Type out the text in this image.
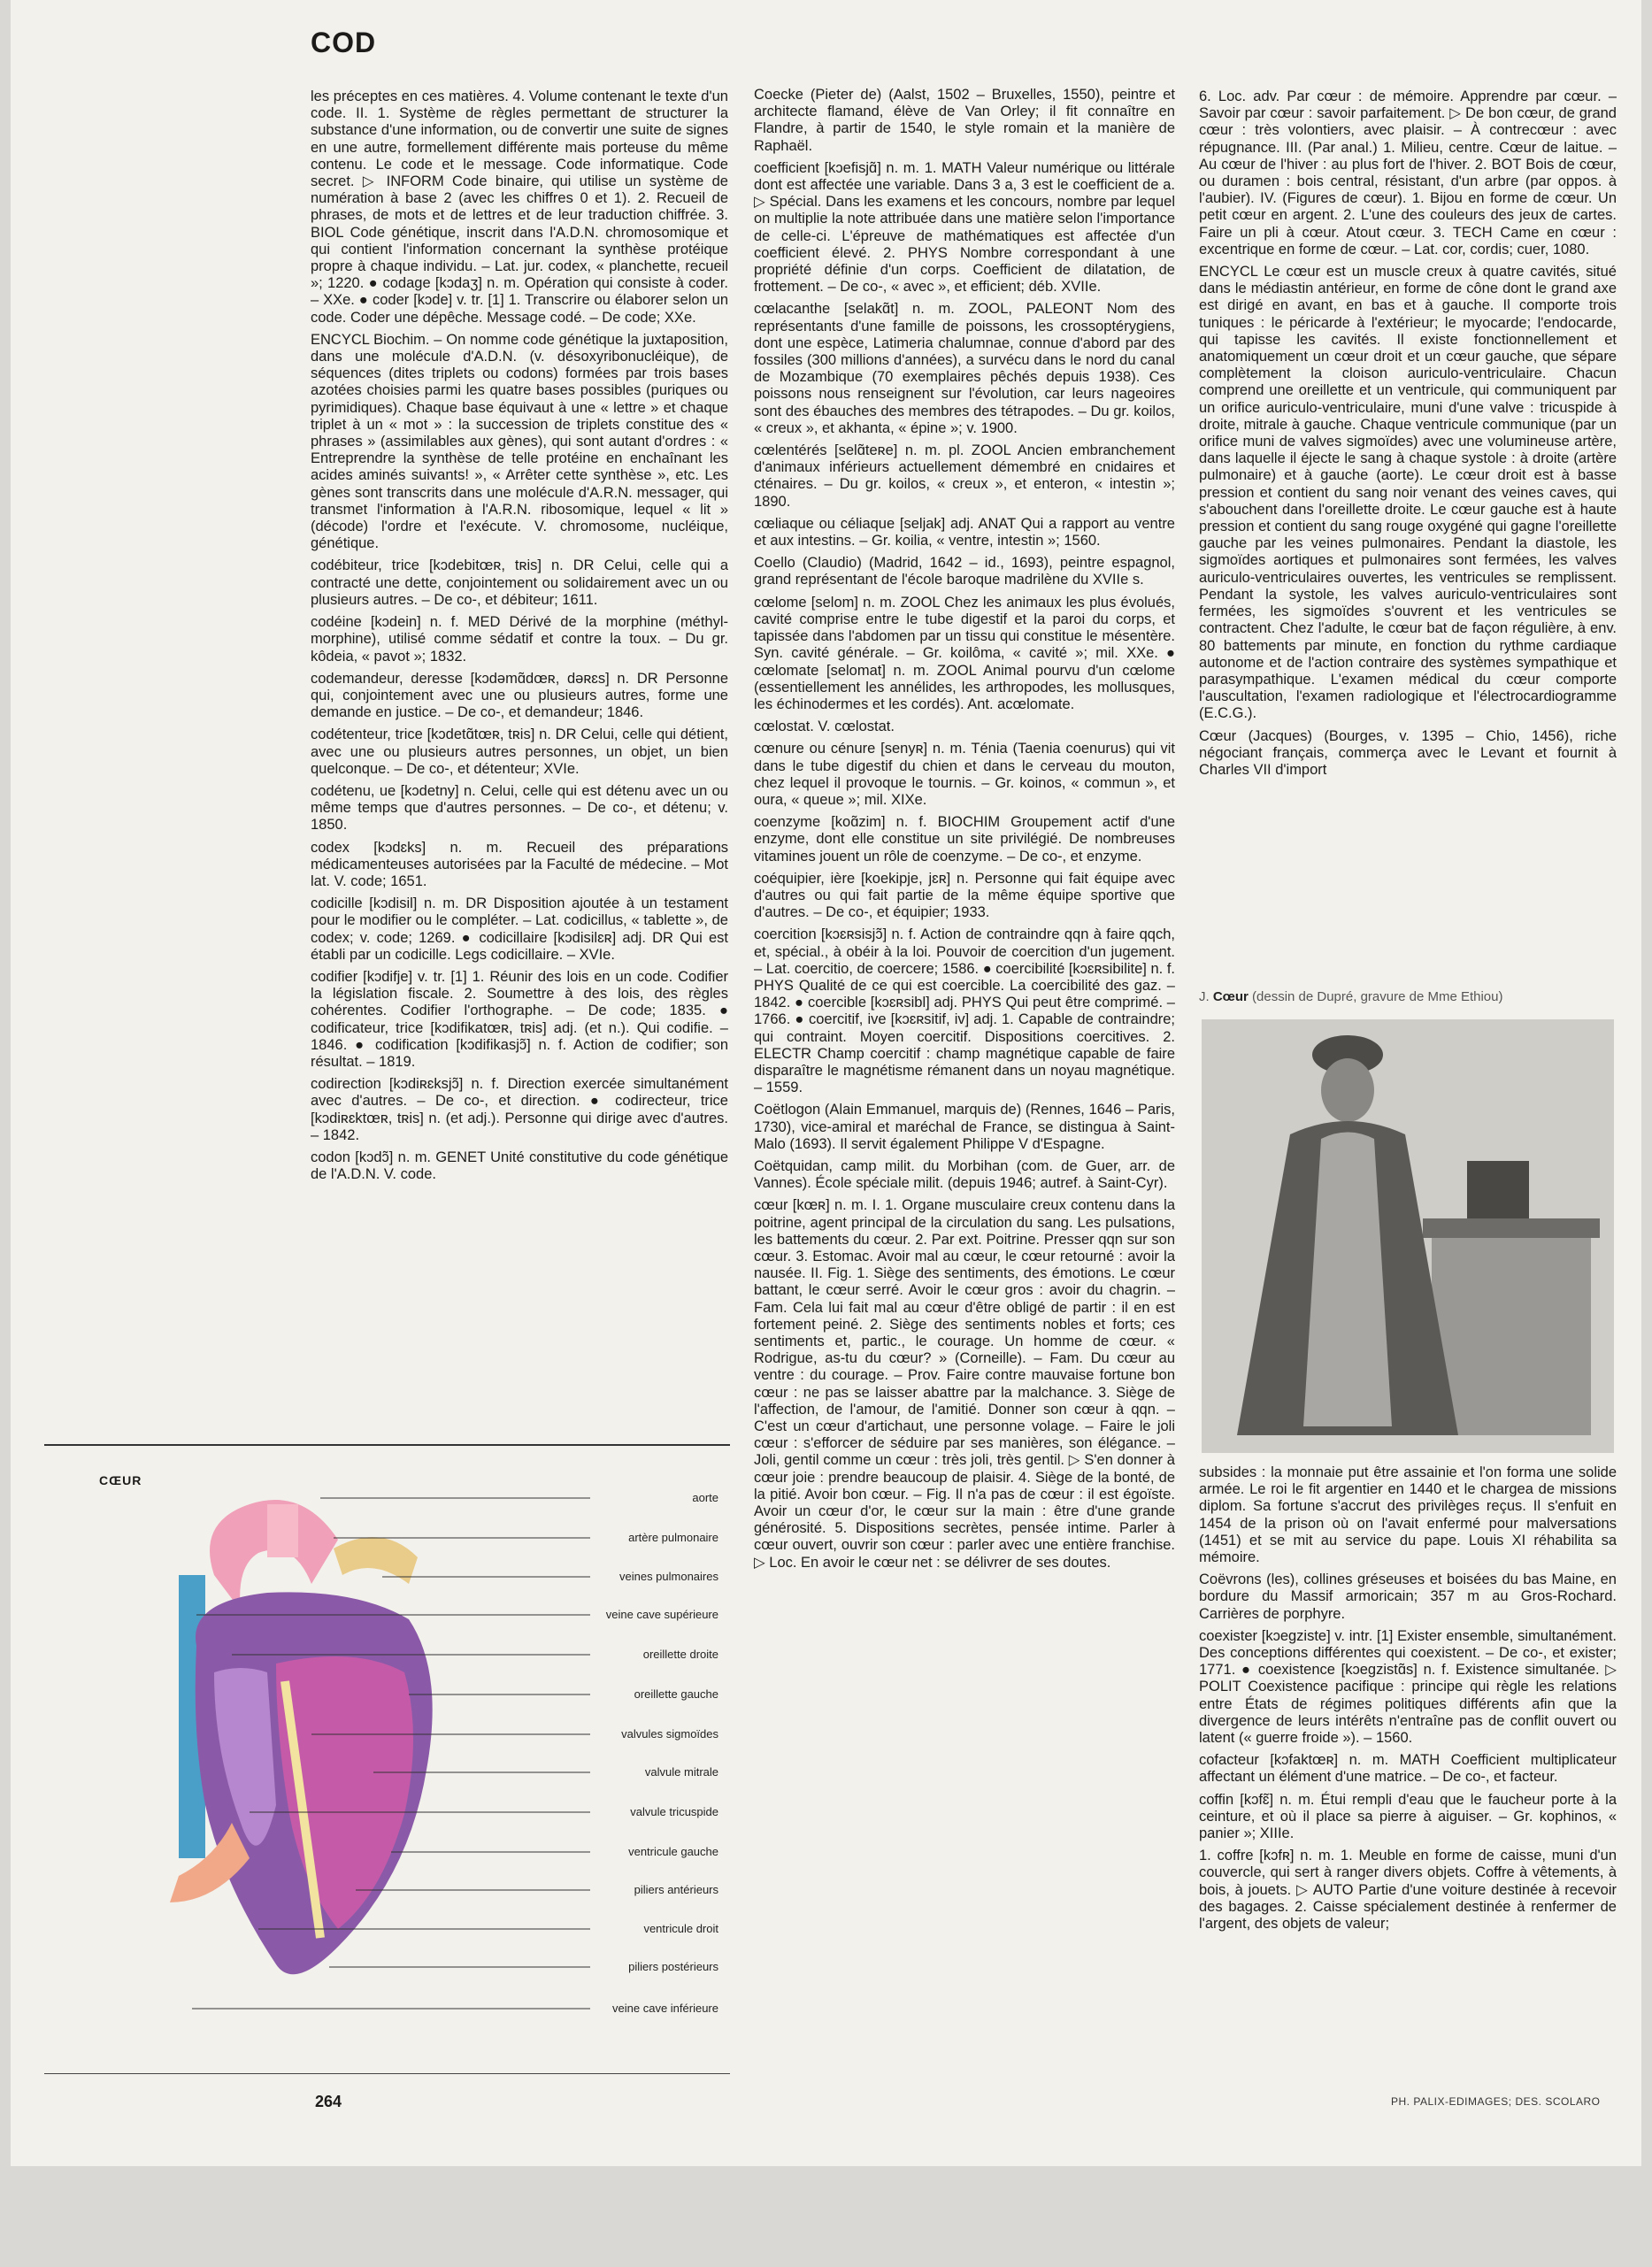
COD

les préceptes en ces matières. 4. Volume contenant le texte d'un code. II. 1. Système de règles permettant de structurer la substance d'une information, ou de convertir une suite de signes en une autre, formellement différente mais porteuse du même contenu. Le code et le message. Code informatique. Code secret. ▷ INFORM Code binaire, qui utilise un système de numération à base 2 (avec les chiffres 0 et 1). 2. Recueil de phrases, de mots et de lettres et de leur traduction chiffrée. 3. BIOL Code génétique, inscrit dans l'A.D.N. chromosomique et qui contient l'information concernant la synthèse protéique propre à chaque individu. – Lat. jur. codex, « planchette, recueil »; 1220. ● codage [kɔdaʒ] n. m. Opération qui consiste à coder. – XXe. ● coder [kɔde] v. tr. [1] 1. Transcrire ou élaborer selon un code. Coder une dépêche. Message codé. – De code; XXe.

ENCYCL Biochim. – On nomme code génétique la juxtaposition, dans une molécule d'A.D.N. (v. désoxyribonucléique), de séquences (dites triplets ou codons) formées par trois bases azotées choisies parmi les quatre bases possibles (puriques ou pyrimidiques). Chaque base équivaut à une « lettre » et chaque triplet à un « mot » : la succession de triplets constitue des « phrases » (assimilables aux gènes), qui sont autant d'ordres : « Entreprendre la synthèse de telle protéine en enchaînant les acides aminés suivants! », « Arrêter cette synthèse », etc. Les gènes sont transcrits dans une molécule d'A.R.N. messager, qui transmet l'information à l'A.R.N. ribosomique, lequel « lit » (décode) l'ordre et l'exécute. V. chromosome, nucléique, génétique.

codébiteur, trice [kɔdebitœʀ, tʀis] n. DR Celui, celle qui a contracté une dette, conjointement ou solidairement avec un ou plusieurs autres. – De co-, et débiteur; 1611.

codéine [kɔdein] n. f. MED Dérivé de la morphine (méthyl-morphine), utilisé comme sédatif et contre la toux. – Du gr. kôdeia, « pavot »; 1832.

codemandeur, deresse [kɔdəmɑ̃dœʀ, dəʀɛs] n. DR Personne qui, conjointement avec une ou plusieurs autres, forme une demande en justice. – De co-, et demandeur; 1846.

codétenteur, trice [kɔdetɑ̃tœʀ, tʀis] n. DR Celui, celle qui détient, avec une ou plusieurs autres personnes, un objet, un bien quelconque. – De co-, et détenteur; XVIe.

codétenu, ue [kɔdetny] n. Celui, celle qui est détenu avec un ou même temps que d'autres personnes. – De co-, et détenu; v. 1850.

codex [kɔdɛks] n. m. Recueil des préparations médicamenteuses autorisées par la Faculté de médecine. – Mot lat. V. code; 1651.

codicille [kɔdisil] n. m. DR Disposition ajoutée à un testament pour le modifier ou le compléter. – Lat. codicillus, « tablette », de codex; v. code; 1269. ● codicillaire [kɔdisilɛʀ] adj. DR Qui est établi par un codicille. Legs codicillaire. – XVIe.

codifier [kɔdifje] v. tr. [1] 1. Réunir des lois en un code. Codifier la législation fiscale. 2. Soumettre à des lois, des règles cohérentes. Codifier l'orthographe. – De code; 1835. ● codificateur, trice [kɔdifikatœʀ, tʀis] adj. (et n.). Qui codifie. – 1846. ● codification [kɔdifikasjɔ̃] n. f. Action de codifier; son résultat. – 1819.

codirection [kɔdiʀɛksjɔ̃] n. f. Direction exercée simultanément avec d'autres. – De co-, et direction. ● codirecteur, trice [kɔdiʀɛktœʀ, tʀis] n. (et adj.). Personne qui dirige avec d'autres. – 1842.

codon [kɔdɔ̃] n. m. GENET Unité constitutive du code génétique de l'A.D.N. V. code.

Coecke (Pieter de) (Aalst, 1502 – Bruxelles, 1550), peintre et architecte flamand, élève de Van Orley; il fit connaître en Flandre, à partir de 1540, le style romain et la manière de Raphaël.

coefficient [kɔefisjɑ̃] n. m. 1. MATH Valeur numérique ou littérale dont est affectée une variable. Dans 3 a, 3 est le coefficient de a. ▷ Spécial. Dans les examens et les concours, nombre par lequel on multiplie la note attribuée dans une matière selon l'importance de celle-ci. L'épreuve de mathématiques est affectée d'un coefficient élevé. 2. PHYS Nombre correspondant à une propriété définie d'un corps. Coefficient de dilatation, de frottement. – De co-, « avec », et efficient; déb. XVIIe.

cœlacanthe [selakɑ̃t] n. m. ZOOL, PALEONT Nom des représentants d'une famille de poissons, les crossoptérygiens, dont une espèce, Latimeria chalumnae, connue d'abord par des fossiles (300 millions d'années), a survécu dans le nord du canal de Mozambique (70 exemplaires pêchés depuis 1938). Ces poissons nous renseignent sur l'évolution, car leurs nageoires sont des ébauches des membres des tétrapodes. – Du gr. koilos, « creux », et akhanta, « épine »; v. 1900.

cœlentérés [selɑ̃teʀe] n. m. pl. ZOOL Ancien embranchement d'animaux inférieurs actuellement démembré en cnidaires et cténaires. – Du gr. koilos, « creux », et enteron, « intestin »; 1890.

cœliaque ou céliaque [seljak] adj. ANAT Qui a rapport au ventre et aux intestins. – Gr. koilia, « ventre, intestin »; 1560.

Coello (Claudio) (Madrid, 1642 – id., 1693), peintre espagnol, grand représentant de l'école baroque madrilène du XVIIe s.

cœlome [selom] n. m. ZOOL Chez les animaux les plus évolués, cavité comprise entre le tube digestif et la paroi du corps, et tapissée dans l'abdomen par un tissu qui constitue le mésentère. Syn. cavité générale. – Gr. koilôma, « cavité »; mil. XXe. ● cœlomate [selomat] n. m. ZOOL Animal pourvu d'un cœlome (essentiellement les annélides, les arthropodes, les mollusques, les échinodermes et les cordés). Ant. acœlomate.

cœlostat. V. cœlostat.

cœnure ou cénure [senyʀ] n. m. Ténia (Taenia coenurus) qui vit dans le tube digestif du chien et dans le cerveau du mouton, chez lequel il provoque le tournis. – Gr. koinos, « commun », et oura, « queue »; mil. XIXe.

coenzyme [koɑ̃zim] n. f. BIOCHIM Groupement actif d'une enzyme, dont elle constitue un site privilégié. De nombreuses vitamines jouent un rôle de coenzyme. – De co-, et enzyme.

coéquipier, ière [koekipje, jɛʀ] n. Personne qui fait équipe avec d'autres ou qui fait partie de la même équipe sportive que d'autres. – De co-, et équipier; 1933.

coercition [kɔɛʀsisjɔ̃] n. f. Action de contraindre qqn à faire qqch, et, spécial., à obéir à la loi. Pouvoir de coercition d'un jugement. – Lat. coercitio, de coercere; 1586. ● coercibilité [kɔɛʀsibilite] n. f. PHYS Qualité de ce qui est coercible. La coercibilité des gaz. – 1842. ● coercible [kɔɛʀsibl] adj. PHYS Qui peut être comprimé. – 1766. ● coercitif, ive [kɔɛʀsitif, iv] adj. 1. Capable de contraindre; qui contraint. Moyen coercitif. Dispositions coercitives. 2. ELECTR Champ coercitif : champ magnétique capable de faire disparaître le magnétisme rémanent dans un noyau magnétique. – 1559.

Coëtlogon (Alain Emmanuel, marquis de) (Rennes, 1646 – Paris, 1730), vice-amiral et maréchal de France, se distingua à Saint-Malo (1693). Il servit également Philippe V d'Espagne.

Coëtquidan, camp milit. du Morbihan (com. de Guer, arr. de Vannes). École spéciale milit. (depuis 1946; autref. à Saint-Cyr).

cœur [kœʀ] n. m. I. 1. Organe musculaire creux contenu dans la poitrine, agent principal de la circulation du sang. Les pulsations, les battements du cœur. 2. Par ext. Poitrine. Presser qqn sur son cœur. 3. Estomac. Avoir mal au cœur, le cœur retourné : avoir la nausée. II. Fig. 1. Siège des sentiments, des émotions. Le cœur battant, le cœur serré. Avoir le cœur gros : avoir du chagrin. – Fam. Cela lui fait mal au cœur d'être obligé de partir : il en est fortement peiné. 2. Siège des sentiments nobles et forts; ces sentiments et, partic., le courage. Un homme de cœur. « Rodrigue, as-tu du cœur? » (Corneille). – Fam. Du cœur au ventre : du courage. – Prov. Faire contre mauvaise fortune bon cœur : ne pas se laisser abattre par la malchance. 3. Siège de l'affection, de l'amour, de l'amitié. Donner son cœur à qqn. – C'est un cœur d'artichaut, une personne volage. – Faire le joli cœur : s'efforcer de séduire par ses manières, son élégance. – Joli, gentil comme un cœur : très joli, très gentil. ▷ S'en donner à cœur joie : prendre beaucoup de plaisir. 4. Siège de la bonté, de la pitié. Avoir bon cœur. – Fig. Il n'a pas de cœur : il est égoïste. Avoir un cœur d'or, le cœur sur la main : être d'une grande générosité. 5. Dispositions secrètes, pensée intime. Parler à cœur ouvert, ouvrir son cœur : parler avec une entière franchise. ▷ Loc. En avoir le cœur net : se délivrer de ses doutes.

6. Loc. adv. Par cœur : de mémoire. Apprendre par cœur. – Savoir par cœur : savoir parfaitement. ▷ De bon cœur, de grand cœur : très volontiers, avec plaisir. – À contrecœur : avec répugnance. III. (Par anal.) 1. Milieu, centre. Cœur de laitue. – Au cœur de l'hiver : au plus fort de l'hiver. 2. BOT Bois de cœur, ou duramen : bois central, résistant, d'un arbre (par oppos. à l'aubier). IV. (Figures de cœur). 1. Bijou en forme de cœur. Un petit cœur en argent. 2. L'une des couleurs des jeux de cartes. Faire un pli à cœur. Atout cœur. 3. TECH Came en cœur : excentrique en forme de cœur. – Lat. cor, cordis; cuer, 1080.

ENCYCL Le cœur est un muscle creux à quatre cavités, situé dans le médiastin antérieur, en forme de cône dont le grand axe est dirigé en avant, en bas et à gauche. Il comporte trois tuniques : le péricarde à l'extérieur; le myocarde; l'endocarde, qui tapisse les cavités. Il existe fonctionnellement et anatomiquement un cœur droit et un cœur gauche, que sépare complètement la cloison auriculo-ventriculaire. Chacun comprend une oreillette et un ventricule, qui communiquent par un orifice auriculo-ventriculaire, muni d'une valve : tricuspide à droite, mitrale à gauche. Chaque ventricule communique (par un orifice muni de valves sigmoïdes) avec une volumineuse artère, dans laquelle il éjecte le sang à chaque systole : à droite (artère pulmonaire) et à gauche (aorte). Le cœur droit est à basse pression et contient du sang noir venant des veines caves, qui s'abouchent dans l'oreillette droite. Le cœur gauche est à haute pression et contient du sang rouge oxygéné qui gagne l'oreillette gauche par les veines pulmonaires. Pendant la diastole, les sigmoïdes aortiques et pulmonaires sont fermées, les valves auriculo-ventriculaires ouvertes, les ventricules se remplissent. Pendant la systole, les valves auriculo-ventriculaires sont fermées, les sigmoïdes s'ouvrent et les ventricules se contractent. Chez l'adulte, le cœur bat de façon régulière, à env. 80 battements par minute, en fonction du rythme cardiaque autonome et de l'action contraire des systèmes sympathique et parasympathique. L'examen médical du cœur comporte l'auscultation, l'examen radiologique et l'électrocardiogramme (E.C.G.).

Cœur (Jacques) (Bourges, v. 1395 – Chio, 1456), riche négociant français, commerça avec le Levant et fournit à Charles VII d'import

J. Cœur (dessin de Dupré, gravure de Mme Ethiou)

subsides : la monnaie put être assainie et l'on forma une solide armée. Le roi le fit argentier en 1440 et le chargea de missions diplom. Sa fortune s'accrut des privilèges reçus. Il s'enfuit en 1454 de la prison où on l'avait enfermé pour malversations (1451) et se mit au service du pape. Louis XI réhabilita sa mémoire.

Coëvrons (les), collines gréseuses et boisées du bas Maine, en bordure du Massif armoricain; 357 m au Gros-Rochard. Carrières de porphyre.

coexister [kɔegziste] v. intr. [1] Exister ensemble, simultanément. Des conceptions différentes qui coexistent. – De co-, et exister; 1771. ● coexistence [kɔegzistɑ̃s] n. f. Existence simultanée. ▷ POLIT Coexistence pacifique : principe qui règle les relations entre États de régimes politiques différents afin que la divergence de leurs intérêts n'entraîne pas de conflit ouvert ou latent (« guerre froide »). – 1560.

cofacteur [kɔfaktœʀ] n. m. MATH Coefficient multiplicateur affectant un élément d'une matrice. – De co-, et facteur.

coffin [kɔfɛ̃] n. m. Étui rempli d'eau que le faucheur porte à la ceinture, et où il place sa pierre à aiguiser. – Gr. kophinos, « panier »; XIIIe.

1. coffre [kɔfʀ] n. m. 1. Meuble en forme de caisse, muni d'un couvercle, qui sert à ranger divers objets. Coffre à vêtements, à bois, à jouets. ▷ AUTO Partie d'une voiture destinée à recevoir des bagages. 2. Caisse spécialement destinée à renfermer de l'argent, des objets de valeur;

CŒUR
aorte
artère pulmonaire
veines pulmonaires
veine cave supérieure
oreillette droite
oreillette gauche
valvules sigmoïdes
valvule mitrale
valvule tricuspide
ventricule gauche
piliers antérieurs
ventricule droit
piliers postérieurs
veine cave inférieure
264	PH. PALIX-EDIMAGES; DES. SCOLARO
